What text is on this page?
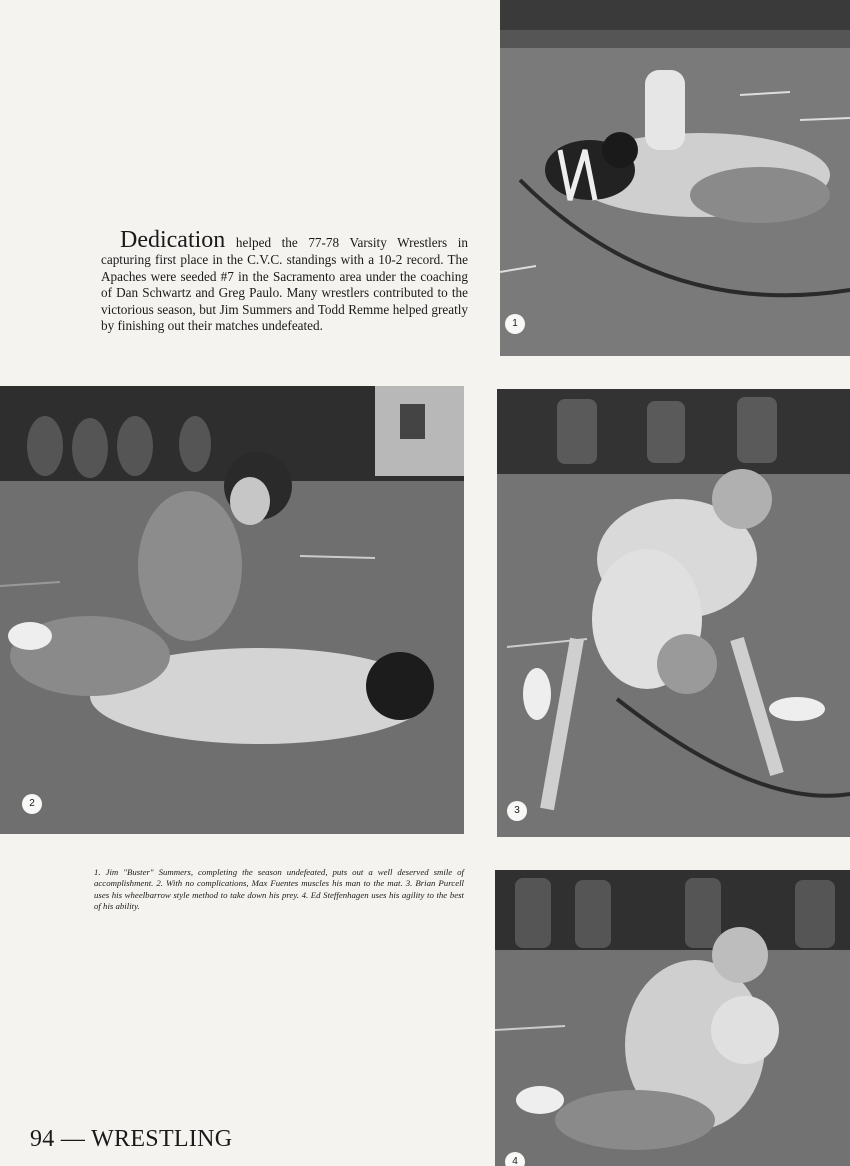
1

Dedication helped the 77-78 Varsity Wrestlers in capturing first place in the C.V.C. standings with a 10-2 record. The Apaches were seeded #7 in the Sacramento area under the coaching of Dan Schwartz and Greg Paulo. Many wrestlers contributed to the victorious season, but Jim Summers and Todd Remme helped greatly by finishing out their matches undefeated.

2
3

1. Jim "Buster" Summers, completing the season undefeated, puts out a well deserved smile of accomplishment. 2. With no complications, Max Fuentes muscles his man to the mat. 3. Brian Purcell uses his wheelbarrow style method to take down his prey. 4. Ed Steffenhagen uses his agility to the best of his ability.

4
94 — WRESTLING
